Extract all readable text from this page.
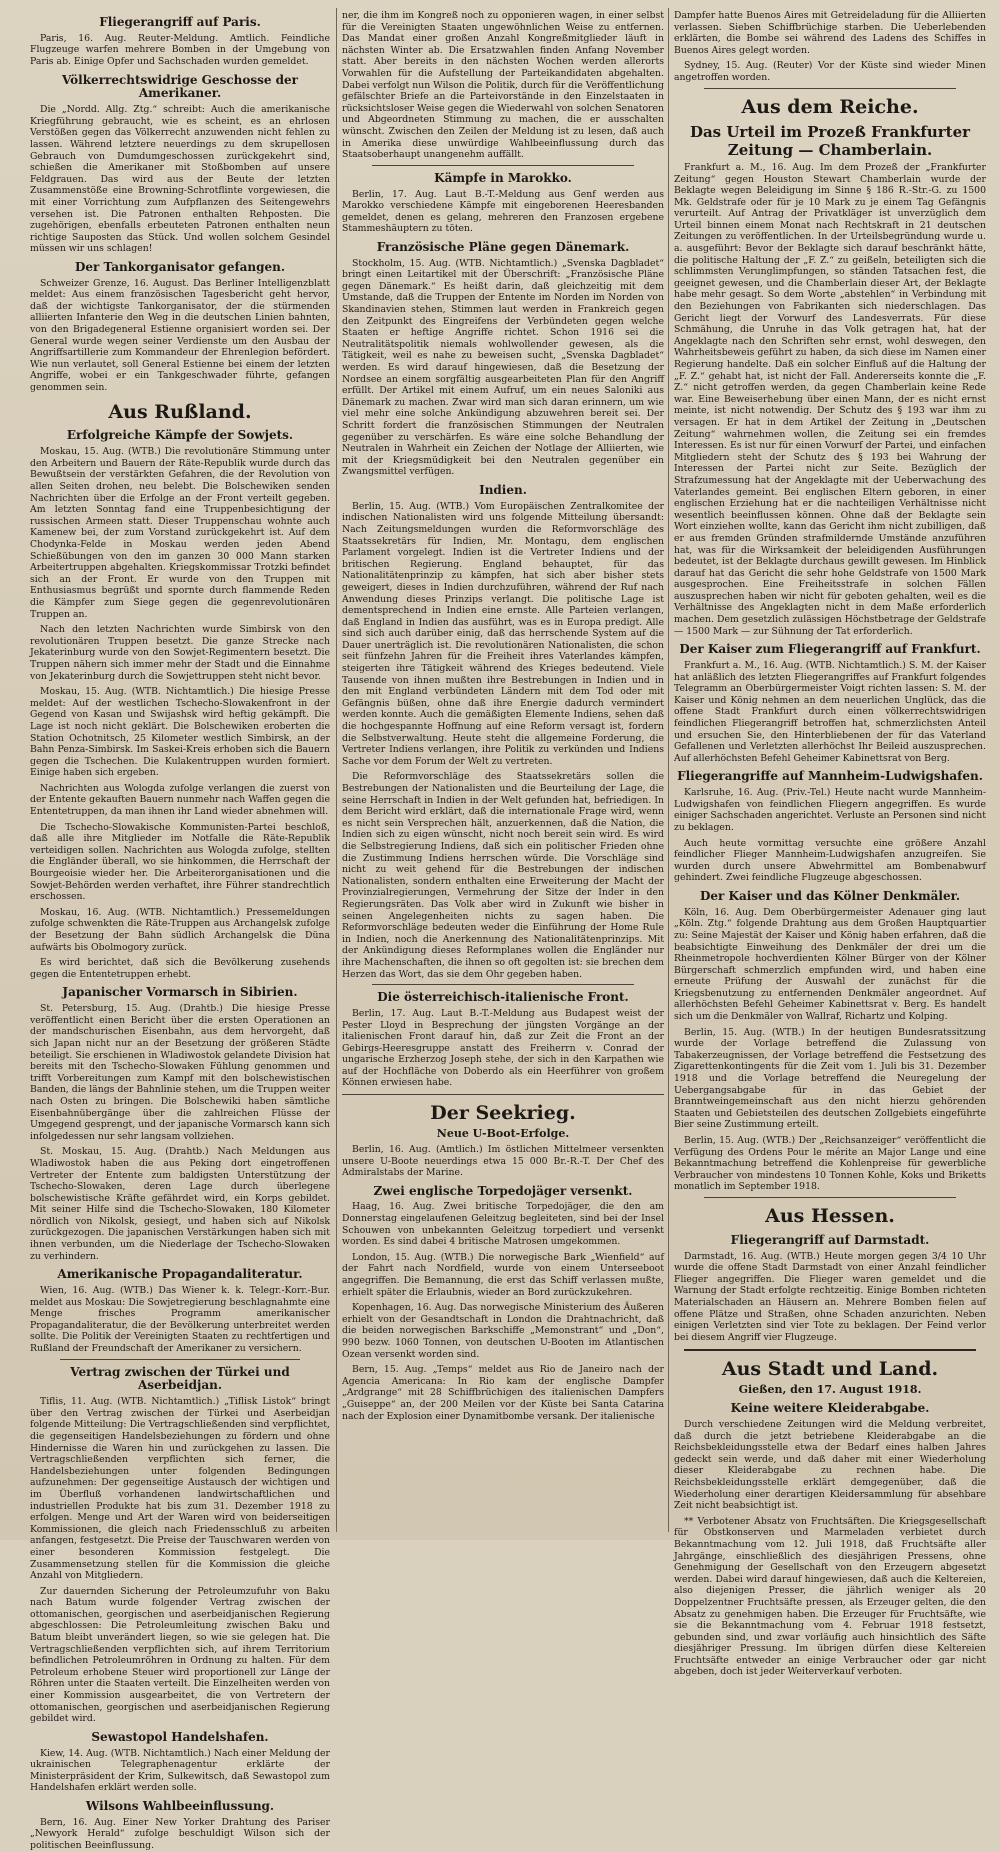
Fliegerangriff auf Paris.

Paris, 16. Aug. Reuter-Meldung. Amtlich. Feindliche Flugzeuge warfen mehrere Bomben in der Umgebung von Paris ab. Einige Opfer und Sachschaden wurden gemeldet.

Völkerrechtswidrige Geschosse der Amerikaner.

Die „Nordd. Allg. Ztg.“ schreibt: Auch die amerikanische Kriegführung gebraucht, wie es scheint, es an ehrlosen Verstößen gegen das Völkerrecht anzuwenden nicht fehlen zu lassen. Während letztere neuerdings zu dem skrupellosen Gebrauch von Dumdumgeschossen zurückgekehrt sind, schießen die Amerikaner mit Stoßbomben auf unsere Feldgrauen. Das wird aus der Beute der letzten Zusammenstöße eine Browning-Schrotflinte vorgewiesen, die mit einer Vorrichtung zum Aufpflanzen des Seitengewehrs versehen ist. Die Patronen enthalten Rehposten. Die zugehörigen, ebenfalls erbeuteten Patronen enthalten neun richtige Sauposten das Stück. Und wollen solchem Gesindel müssen wir uns schlagen!

Der Tankorganisator gefangen.

Schweizer Grenze, 16. August. Das Berliner Intelligenzblatt meldet: Aus einem französischen Tagesbericht geht hervor, daß der wichtigste Tankorganisator, der die stürmenden alliierten Infanterie den Weg in die deutschen Linien bahnten, von den Brigadegeneral Estienne organisiert worden sei. Der General wurde wegen seiner Verdienste um den Ausbau der Angriffsartillerie zum Kommandeur der Ehrenlegion befördert. Wie nun verlautet, soll General Estienne bei einem der letzten Angriffe, wobei er ein Tankgeschwader führte, gefangen genommen sein.

Aus Rußland.
Erfolgreiche Kämpfe der Sowjets.

Moskau, 15. Aug. (WTB.) Die revolutionäre Stimmung unter den Arbeitern und Bauern der Räte-Republik wurde durch das Bewußtsein der verstärkten Gefahren, die der Revolution von allen Seiten drohen, neu belebt. Die Bolschewiken senden Nachrichten über die Erfolge an der Front verteilt gegeben. Am letzten Sonntag fand eine Truppenbesichtigung der russischen Armeen statt. Dieser Truppenschau wohnte auch Kamenew bei, der zum Vorstand zurückgekehrt ist. Auf dem Chodynka-Felde in Moskau werden jeden Abend Schießübungen von den im ganzen 30 000 Mann starken Arbeitertruppen abgehalten. Kriegskommissar Trotzki befindet sich an der Front. Er wurde von den Truppen mit Enthusiasmus begrüßt und spornte durch flammende Reden die Kämpfer zum Siege gegen die gegenrevolutionären Truppen an.

Nach den letzten Nachrichten wurde Simbirsk von den revolutionären Truppen besetzt. Die ganze Strecke nach Jekaterinburg wurde von den Sowjet-Regimentern besetzt. Die Truppen nähern sich immer mehr der Stadt und die Einnahme von Jekaterinburg durch die Sowjettruppen steht nicht bevor.

Moskau, 15. Aug. (WTB. Nichtamtlich.) Die hiesige Presse meldet: Auf der westlichen Tschecho-Slowakenfront in der Gegend von Kasan und Swijashsk wird heftig gekämpft. Die Lage ist noch nicht geklärt. Die Bolschewiken eroberten die Station Ochotnitsch, 25 Kilometer westlich Simbirsk, an der Bahn Penza-Simbirsk. Im Saskei-Kreis erhoben sich die Bauern gegen die Tschechen. Die Kulakentruppen wurden formiert. Einige haben sich ergeben.

Nachrichten aus Wologda zufolge verlangen die zuerst von der Entente gekauften Bauern nunmehr nach Waffen gegen die Ententetruppen, da man ihnen ihr Land wieder abnehmen will.

Die Tschecho-Slowakische Kommunisten-Partei beschloß, daß alle ihre Mitglieder im Notfalle die Räte-Republik verteidigen sollen. Nachrichten aus Wologda zufolge, stellten die Engländer überall, wo sie hinkommen, die Herrschaft der Bourgeoisie wieder her. Die Arbeiterorganisationen und die Sowjet-Behörden werden verhaftet, ihre Führer standrechtlich erschossen.

Moskau, 16. Aug. (WTB. Nichtamtlich.) Pressemeldungen zufolge schwenkten die Räte-Truppen aus Archangelsk zufolge der Besetzung der Bahn südlich Archangelsk die Düna aufwärts bis Obolmogory zurück.

Es wird berichtet, daß sich die Bevölkerung zusehends gegen die Ententetruppen erhebt.

Japanischer Vormarsch in Sibirien.

St. Petersburg, 15. Aug. (Drahtb.) Die hiesige Presse veröffentlicht einen Bericht über die ersten Operationen an der mandschurischen Eisenbahn, aus dem hervorgeht, daß sich Japan nicht nur an der Besetzung der größeren Städte beteiligt. Sie erschienen in Wladiwostok gelandete Division hat bereits mit den Tschecho-Slowaken Fühlung genommen und trifft Vorbereitungen zum Kampf mit den bolschewistischen Banden, die längs der Bahnlinie stehen, um die Truppen weiter nach Osten zu bringen. Die Bolschewiki haben sämtliche Eisenbahnübergänge über die zahlreichen Flüsse der Umgegend gesprengt, und der japanische Vormarsch kann sich infolgedessen nur sehr langsam vollziehen.

St. Moskau, 15. Aug. (Drahtb.) Nach Meldungen aus Wladiwostok haben die aus Peking dort eingetroffenen Vertreter der Entente zum baldigsten Unterstützung der Tschecho-Slowaken, deren Lage durch überlegene bolschewistische Kräfte gefährdet wird, ein Korps gebildet. Mit seiner Hilfe sind die Tschecho-Slowaken, 180 Kilometer nördlich von Nikolsk, gesiegt, und haben sich auf Nikolsk zurückgezogen. Die japanischen Verstärkungen haben sich mit ihnen verbunden, um die Niederlage der Tschecho-Slowaken zu verhindern.

Amerikanische Propagandaliteratur.

Wien, 16. Aug. (WTB.) Das Wiener k. k. Telegr.-Korr.-Bur. meldet aus Moskau: Die Sowjetregierung beschlagnahmte eine Menge frisches Programm amerikanischer Propagandaliteratur, die der Bevölkerung unterbreitet werden sollte. Die Politik der Vereinigten Staaten zu rechtfertigen und Rußland der Freundschaft der Amerikaner zu versichern.

Vertrag zwischen der Türkei und Aserbeidjan.

Tiflis, 11. Aug. (WTB. Nichtamtlich.) „Tiflisk Listok“ bringt über den Vertrag zwischen der Türkei und Aserbeidjan folgende Mitteilung: Die Vertragschließenden sind verpflichtet, die gegenseitigen Handelsbeziehungen zu fördern und ohne Hindernisse die Waren hin und zurückgehen zu lassen. Die Vertragschließenden verpflichten sich ferner, die Handelsbeziehungen unter folgenden Bedingungen aufzunehmen: Der gegenseitige Austausch der wichtigen und im Überfluß vorhandenen landwirtschaftlichen und industriellen Produkte hat bis zum 31. Dezember 1918 zu erfolgen. Menge und Art der Waren wird von beiderseitigen Kommissionen, die gleich nach Friedensschluß zu arbeiten anfangen, festgesetzt. Die Preise der Tauschwaren werden von einer besonderen Kommission festgelegt. Die Zusammensetzung stellen für die Kommission die gleiche Anzahl von Mitgliedern.

Zur dauernden Sicherung der Petroleumzufuhr von Baku nach Batum wurde folgender Vertrag zwischen der ottomanischen, georgischen und aserbeidjanischen Regierung abgeschlossen: Die Petroleumleitung zwischen Baku und Batum bleibt unverändert liegen, so wie sie gelegen hat. Die Vertragschließenden verpflichten sich, auf ihrem Territorium befindlichen Petroleumröhren in Ordnung zu halten. Für dem Petroleum erhobene Steuer wird proportionell zur Länge der Röhren unter die Staaten verteilt. Die Einzelheiten werden von einer Kommission ausgearbeitet, die von Vertretern der ottomanischen, georgischen und aserbeidjanischen Regierung gebildet wird.

Sewastopol Handelshafen.

Kiew, 14. Aug. (WTB. Nichtamtlich.) Nach einer Meldung der ukrainischen Telegraphenagentur erklärte der Ministerpräsident der Krim, Sulkewitsch, daß Sewastopol zum Handelshafen erklärt werden solle.

Wilsons Wahlbeeinflussung.

Bern, 16. Aug. Einer New Yorker Drahtung des Pariser „Newyork Herald“ zufolge beschuldigt Wilson sich der politischen Beeinflussung.

ner, die ihm im Kongreß noch zu opponieren wagen, in einer selbst für die Vereinigten Staaten ungewöhnlichen Weise zu entfernen. Das Mandat einer großen Anzahl Kongreßmitglieder läuft in nächsten Winter ab. Die Ersatzwahlen finden Anfang November statt. Aber bereits in den nächsten Wochen werden allerorts Vorwahlen für die Aufstellung der Parteikandidaten abgehalten. Dabei verfolgt nun Wilson die Politik, durch für die Veröffentlichung gefälschter Briefe an die Parteivorstände in den Einzelstaaten in rücksichtsloser Weise gegen die Wiederwahl von solchen Senatoren und Abgeordneten Stimmung zu machen, die er ausschalten wünscht. Zwischen den Zeilen der Meldung ist zu lesen, daß auch in Amerika diese unwürdige Wahlbeeinflussung durch das Staatsoberhaupt unangenehm auffällt.

Kämpfe in Marokko.

Berlin, 17. Aug. Laut B.-T.-Meldung aus Genf werden aus Marokko verschiedene Kämpfe mit eingeborenen Heeresbanden gemeldet, denen es gelang, mehreren den Franzosen ergebene Stammeshäuptern zu töten.

Französische Pläne gegen Dänemark.

Stockholm, 15. Aug. (WTB. Nichtamtlich.) „Svenska Dagbladet“ bringt einen Leitartikel mit der Überschrift: „Französische Pläne gegen Dänemark.“ Es heißt darin, daß gleichzeitig mit dem Umstande, daß die Truppen der Entente im Norden im Norden von Skandinavien stehen, Stimmen laut werden in Frankreich gegen den Zeitpunkt des Eingreifens der Verbündeten gegen welche Staaten er heftige Angriffe richtet. Schon 1916 sei die Neutralitätspolitik niemals wohlwollender gewesen, als die Tätigkeit, weil es nahe zu beweisen sucht, „Svenska Dagbladet“ werden. Es wird darauf hingewiesen, daß die Besetzung der Nordsee an einem sorgfältig ausgearbeiteten Plan für den Angriff erfüllt. Der Artikel mit einem Aufruf, um ein neues Saloniki aus Dänemark zu machen. Zwar wird man sich daran erinnern, um wie viel mehr eine solche Ankündigung abzuwehren bereit sei. Der Schritt fordert die französischen Stimmungen der Neutralen gegenüber zu verschärfen. Es wäre eine solche Behandlung der Neutralen in Wahrheit ein Zeichen der Notlage der Alliierten, wie mit der Kriegsmüdigkeit bei den Neutralen gegenüber ein Zwangsmittel verfügen.

Indien.

Berlin, 15. Aug. (WTB.) Vom Europäischen Zentralkomitee der indischen Nationalisten wird uns folgende Mitteilung übersandt: Nach Zeitungsmeldungen wurden die Reformvorschläge des Staatssekretärs für Indien, Mr. Montagu, dem englischen Parlament vorgelegt. Indien ist die Vertreter Indiens und der britischen Regierung. England behauptet, für das Nationalitätenprinzip zu kämpfen, hat sich aber bisher stets geweigert, dieses in Indien durchzuführen, während der Ruf nach Anwendung dieses Prinzips verlangt. Die politische Lage ist dementsprechend in Indien eine ernste. Alle Parteien verlangen, daß England in Indien das ausführt, was es in Europa predigt. Alle sind sich auch darüber einig, daß das herrschende System auf die Dauer unerträglich ist. Die revolutionären Nationalisten, die schon seit fünfzehn Jahren für die Freiheit ihres Vaterlandes kämpfen, steigerten ihre Tätigkeit während des Krieges bedeutend. Viele Tausende von ihnen mußten ihre Bestrebungen in Indien und in den mit England verbündeten Ländern mit dem Tod oder mit Gefängnis büßen, ohne daß ihre Energie dadurch vermindert werden konnte. Auch die gemäßigten Elemente Indiens, sehen daß die hochgespannte Hoffnung auf eine Reform versagt ist, fordern die Selbstverwaltung. Heute steht die allgemeine Forderung, die Vertreter Indiens verlangen, ihre Politik zu verkünden und Indiens Sache vor dem Forum der Welt zu vertreten.

Die Reformvorschläge des Staatssekretärs sollen die Bestrebungen der Nationalisten und die Beurteilung der Lage, die seine Herrschaft in Indien in der Welt gefunden hat, befriedigen. In dem Bericht wird erklärt, daß die internationale Frage wird, wenn es nicht sein Versprechen hält, anzuerkennen, daß die Nation, die Indien sich zu eigen wünscht, nicht noch bereit sein wird. Es wird die Selbstregierung Indiens, daß sich ein politischer Frieden ohne die Zustimmung Indiens herrschen würde. Die Vorschläge sind nicht zu weit gehend für die Bestrebungen der indischen Nationalisten, sondern enthalten eine Erweiterung der Macht der Provinzialregierungen, Vermehrung der Sitze der Inder in den Regierungsräten. Das Volk aber wird in Zukunft wie bisher in seinen Angelegenheiten nichts zu sagen haben. Die Reformvorschläge bedeuten weder die Einführung der Home Rule in Indien, noch die Anerkennung des Nationalitätenprinzips. Mit der Ankündigung dieses Reformplanes wollen die Engländer nur ihre Machenschaften, die ihnen so oft gegolten ist: sie brechen dem Herzen das Wort, das sie dem Ohr gegeben haben.

Die österreichisch-italienische Front.

Berlin, 17. Aug. Laut B.-T.-Meldung aus Budapest weist der Pester Lloyd in Besprechung der jüngsten Vorgänge an der italienischen Front darauf hin, daß zur Zeit die Front an der Gebirgs-Heeresgruppe anstatt des Freiherrn v. Conrad der ungarische Erzherzog Joseph stehe, der sich in den Karpathen wie auf der Hochfläche von Doberdo als ein Heerführer von großem Können erwiesen habe.

Der Seekrieg.
Neue U-Boot-Erfolge.

Berlin, 16. Aug. (Amtlich.) Im östlichen Mittelmeer versenkten unsere U-Boote neuerdings etwa 15 000 Br.-R.-T. Der Chef des Admiralstabs der Marine.

Zwei englische Torpedojäger versenkt.

Haag, 16. Aug. Zwei britische Torpedojäger, die den am Donnerstag eingelaufenen Geleitzug begleiteten, sind bei der Insel Schouwen von unbekannten Geleitzug torpediert und versenkt worden. Es sind dabei 4 britische Matrosen umgekommen.

London, 15. Aug. (WTB.) Die norwegische Bark „Wienfield“ auf der Fahrt nach Nordfield, wurde von einem Unterseeboot angegriffen. Die Bemannung, die erst das Schiff verlassen mußte, erhielt später die Erlaubnis, wieder an Bord zurückzukehren.

Kopenhagen, 16. Aug. Das norwegische Ministerium des Äußeren erhielt von der Gesandtschaft in London die Drahtnachricht, daß die beiden norwegischen Barkschiffe „Memonstrant“ und „Don“, 990 bezw. 1060 Tonnen, von deutschen U-Booten im Atlantischen Ozean versenkt worden sind.

Bern, 15. Aug. „Temps“ meldet aus Rio de Janeiro nach der Agencia Americana: In Rio kam der englische Dampfer „Ardgrange“ mit 28 Schiffbrüchigen des italienischen Dampfers „Guiseppe“ an, der 200 Meilen vor der Küste bei Santa Catarina nach der Explosion einer Dynamitbombe versank. Der italienische

Dampfer hatte Buenos Aires mit Getreideladung für die Alliierten verlassen. Sieben Schiffbrüchige starben. Die Ueberlebenden erklärten, die Bombe sei während des Ladens des Schiffes in Buenos Aires gelegt worden.

Sydney, 15. Aug. (Reuter) Vor der Küste sind wieder Minen angetroffen worden.

Aus dem Reiche.
Das Urteil im Prozeß Frankfurter Zeitung — Chamberlain.

Frankfurt a. M., 16. Aug. Im dem Prozeß der „Frankfurter Zeitung“ gegen Houston Stewart Chamberlain wurde der Beklagte wegen Beleidigung im Sinne § 186 R.-Str.-G. zu 1500 Mk. Geldstrafe oder für je 10 Mark zu je einem Tag Gefängnis verurteilt. Auf Antrag der Privatkläger ist unverzüglich dem Urteil binnen einem Monat nach Rechtskraft in 21 deutschen Zeitungen zu veröffentlichen. In der Urteilsbegründung wurde u. a. ausgeführt: Bevor der Beklagte sich darauf beschränkt hätte, die politische Haltung der „F. Z.“ zu geißeln, beteiligten sich die schlimmsten Verunglimpfungen, so ständen Tatsachen fest, die geeignet gewesen, und die Chamberlain dieser Art, der Beklagte habe mehr gesagt. So dem Worte „abstehlen“ in Verbindung mit den Beziehungen von Fabrikanten sich niederschlagen. Das Gericht liegt der Vorwurf des Landesverrats. Für diese Schmähung, die Unruhe in das Volk getragen hat, hat der Angeklagte nach den Schriften sehr ernst, wohl deswegen, den Wahrheitsbeweis geführt zu haben, da sich diese im Namen einer Regierung handelte. Daß ein solcher Einfluß auf die Haltung der „F. Z.“ gehabt hat, ist nicht der Fall. Andererseits konnte die „F. Z.“ nicht getroffen werden, da gegen Chamberlain keine Rede war. Eine Beweiserhebung über einen Mann, der es nicht ernst meinte, ist nicht notwendig. Der Schutz des § 193 war ihm zu versagen. Er hat in dem Artikel der Zeitung in „Deutschen Zeitung“ wahrnehmen wollen, die Zeitung sei ein fremdes Interessen. Es ist nur für einen Vorwurf der Partei, und einfachen Mitgliedern steht der Schutz des § 193 bei Wahrung der Interessen der Partei nicht zur Seite. Bezüglich der Strafzumessung hat der Angeklagte mit der Ueberwachung des Vaterlandes gemeint. Bei englischen Eltern geboren, in einer englischen Erziehung hat er die nachteiligen Verhältnisse nicht wesentlich beeinflussen können. Ohne daß der Beklagte sein Wort einziehen wollte, kann das Gericht ihm nicht zubilligen, daß er aus fremden Gründen strafmildernde Umstände anzuführen hat, was für die Wirksamkeit der beleidigenden Ausführungen bedeutet, ist der Beklagte durchaus gewillt gewesen. Im Hinblick darauf hat das Gericht die sehr hohe Geldstrafe von 1500 Mark ausgesprochen. Eine Freiheitsstrafe in solchen Fällen auszusprechen haben wir nicht für geboten gehalten, weil es die Verhältnisse des Angeklagten nicht in dem Maße erforderlich machen. Dem gesetzlich zulässigen Höchstbetrage der Geldstrafe — 1500 Mark — zur Sühnung der Tat erforderlich.

Der Kaiser zum Fliegerangriff auf Frankfurt.

Frankfurt a. M., 16. Aug. (WTB. Nichtamtlich.) S. M. der Kaiser hat anläßlich des letzten Fliegerangriffes auf Frankfurt folgendes Telegramm an Oberbürgermeister Voigt richten lassen: S. M. der Kaiser und König nehmen an dem neuerlichen Unglück, das die offene Stadt Frankfurt durch einen völkerrechtswidrigen feindlichen Fliegerangriff betroffen hat, schmerzlichsten Anteil und ersuchen Sie, den Hinterbliebenen der für das Vaterland Gefallenen und Verletzten allerhöchst Ihr Beileid auszusprechen. Auf allerhöchsten Befehl Geheimer Kabinettsrat von Berg.

Fliegerangriffe auf Mannheim-Ludwigshafen.

Karlsruhe, 16. Aug. (Priv.-Tel.) Heute nacht wurde Mannheim-Ludwigshafen von feindlichen Fliegern angegriffen. Es wurde einiger Sachschaden angerichtet. Verluste an Personen sind nicht zu beklagen.

Auch heute vormittag versuchte eine größere Anzahl feindlicher Flieger Mannheim-Ludwigshafen anzugreifen. Sie wurden durch unsere Abwehrmittel am Bombenabwurf gehindert. Zwei feindliche Flugzeuge abgeschossen.

Der Kaiser und das Kölner Denkmäler.

Köln, 16. Aug. Dem Oberbürgermeister Adenauer ging laut „Köln. Ztg.“ folgende Drahtung aus dem Großen Hauptquartier zu: Seine Majestät der Kaiser und König haben erfahren, daß die beabsichtigte Einweihung des Denkmäler der drei um die Rheinmetropole hochverdienten Kölner Bürger von der Kölner Bürgerschaft schmerzlich empfunden wird, und haben eine erneute Prüfung der Auswahl der zunächst für die Kriegsbenutzung zu entfernenden Denkmäler angeordnet. Auf allerhöchsten Befehl Geheimer Kabinettsrat v. Berg. Es handelt sich um die Denkmäler von Wallraf, Richartz und Kolping.

Berlin, 15. Aug. (WTB.) In der heutigen Bundesratssitzung wurde der Vorlage betreffend die Zulassung von Tabakerzeugnissen, der Vorlage betreffend die Festsetzung des Zigarettenkontingents für die Zeit vom 1. Juli bis 31. Dezember 1918 und die Vorlage betreffend die Neuregelung der Uebergangsabgabe für in das Gebiet der Branntweingemeinschaft aus den nicht hierzu gehörenden Staaten und Gebietsteilen des deutschen Zollgebiets eingeführte Bier seine Zustimmung erteilt.

Berlin, 15. Aug. (WTB.) Der „Reichsanzeiger“ veröffentlicht die Verfügung des Ordens Pour le mérite an Major Lange und eine Bekanntmachung betreffend die Kohlenpreise für gewerbliche Verbraucher von mindestens 10 Tonnen Kohle, Koks und Briketts monatlich im September 1918.

Aus Hessen.
Fliegerangriff auf Darmstadt.

Darmstadt, 16. Aug. (WTB.) Heute morgen gegen 3/4 10 Uhr wurde die offene Stadt Darmstadt von einer Anzahl feindlicher Flieger angegriffen. Die Flieger waren gemeldet und die Warnung der Stadt erfolgte rechtzeitig. Einige Bomben richteten Materialschaden an Häusern an. Mehrere Bomben fielen auf offene Plätze und Straßen, ohne Schaden anzurichten. Neben einigen Verletzten sind vier Tote zu beklagen. Der Feind verlor bei diesem Angriff vier Flugzeuge.

Aus Stadt und Land.
Gießen, den 17. August 1918.
Keine weitere Kleiderabgabe.

Durch verschiedene Zeitungen wird die Meldung verbreitet, daß durch die jetzt betriebene Kleiderabgabe an die Reichsbekleidungsstelle etwa der Bedarf eines halben Jahres gedeckt sein werde, und daß daher mit einer Wiederholung dieser Kleiderabgabe zu rechnen habe. Die Reichsbekleidungsstelle erklärt demgegenüber, daß die Wiederholung einer derartigen Kleidersammlung für absehbare Zeit nicht beabsichtigt ist.

** Verbotener Absatz von Fruchtsäften. Die Kriegsgesellschaft für Obstkonserven und Marmeladen verbietet durch Bekanntmachung vom 12. Juli 1918, daß Fruchtsäfte aller Jahrgänge, einschließlich des diesjährigen Pressens, ohne Genehmigung der Gesellschaft von den Erzeugern abgesetzt werden. Dabei wird darauf hingewiesen, daß auch die Keltereien, also diejenigen Presser, die jährlich weniger als 20 Doppelzentner Fruchtsäfte pressen, als Erzeuger gelten, die den Absatz zu genehmigen haben. Die Erzeuger für Fruchtsäfte, wie sie die Bekanntmachung vom 4. Februar 1918 festsetzt, gebunden sind, und zwar vorläufig auch hinsichtlich des Säfte diesjähriger Pressung. Im übrigen dürfen diese Keltereien Fruchtsäfte entweder an einige Verbraucher oder gar nicht abgeben, doch ist jeder Weiterverkauf verboten.
